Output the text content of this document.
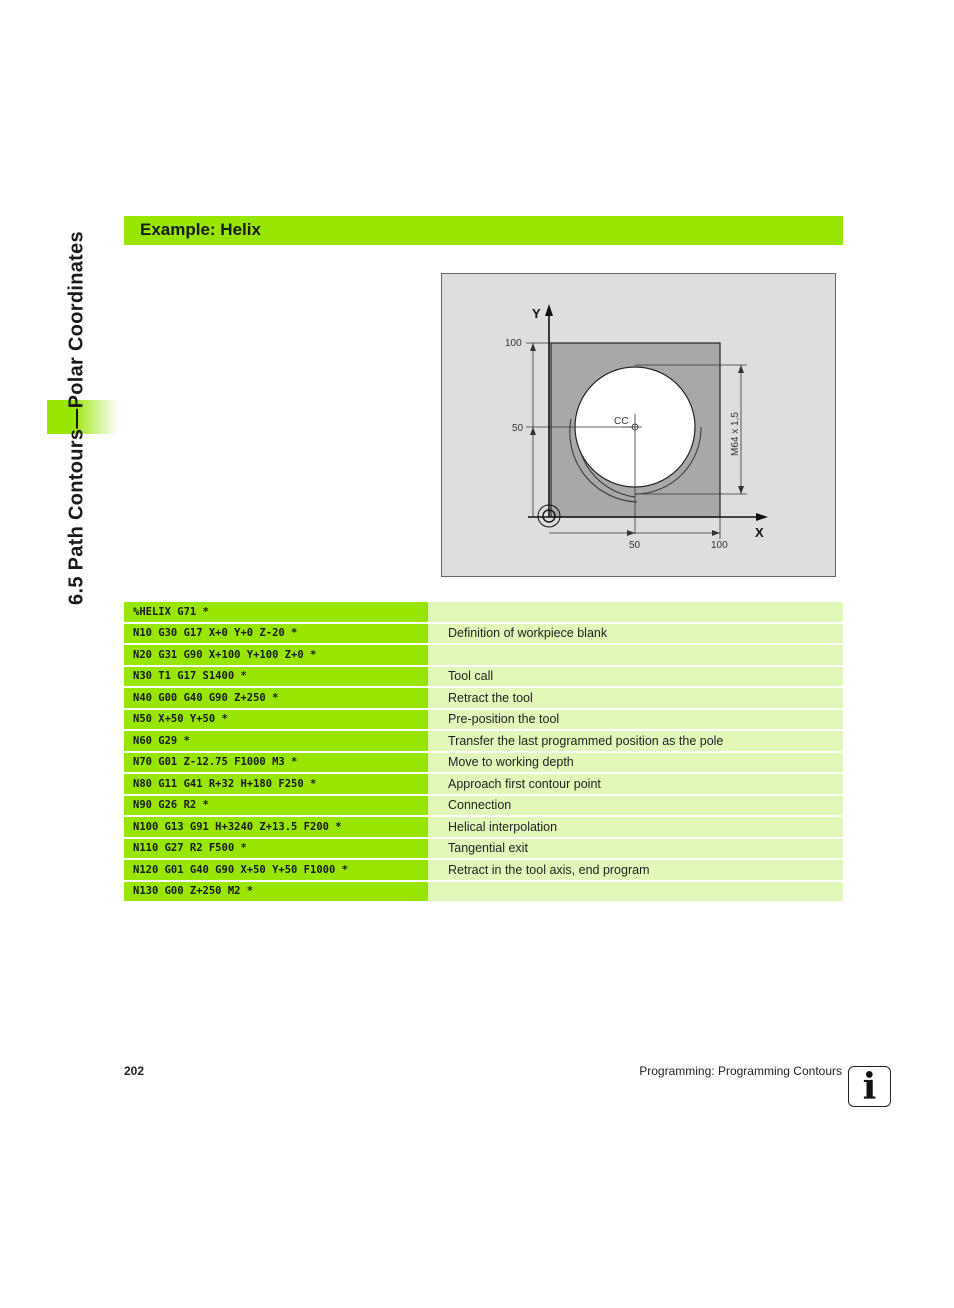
6.5 Path Contours—Polar Coordinates
Example: Helix
Y
X
100
50
50	100
CC	M64 x 1,5
%HELIX G71 *	
N10 G30 G17 X+0 Y+0 Z-20 *	Definition of workpiece blank
N20 G31 G90 X+100 Y+100 Z+0 *	
N30 T1 G17 S1400 *	Tool call
N40 G00 G40 G90 Z+250 *	Retract the tool
N50 X+50 Y+50 *	Pre-position the tool
N60 G29 *	Transfer the last programmed position as the pole
N70 G01 Z-12.75 F1000 M3 *	Move to working depth
N80 G11 G41 R+32 H+180 F250 *	Approach first contour point
N90 G26 R2 *	Connection
N100 G13 G91 H+3240 Z+13.5 F200 *	Helical interpolation
N110 G27 R2 F500 *	Tangential exit
N120 G01 G40 G90 X+50 Y+50 F1000 *	Retract in the tool axis, end program
N130 G00 Z+250 M2 *	
202	Programming: Programming Contours i
